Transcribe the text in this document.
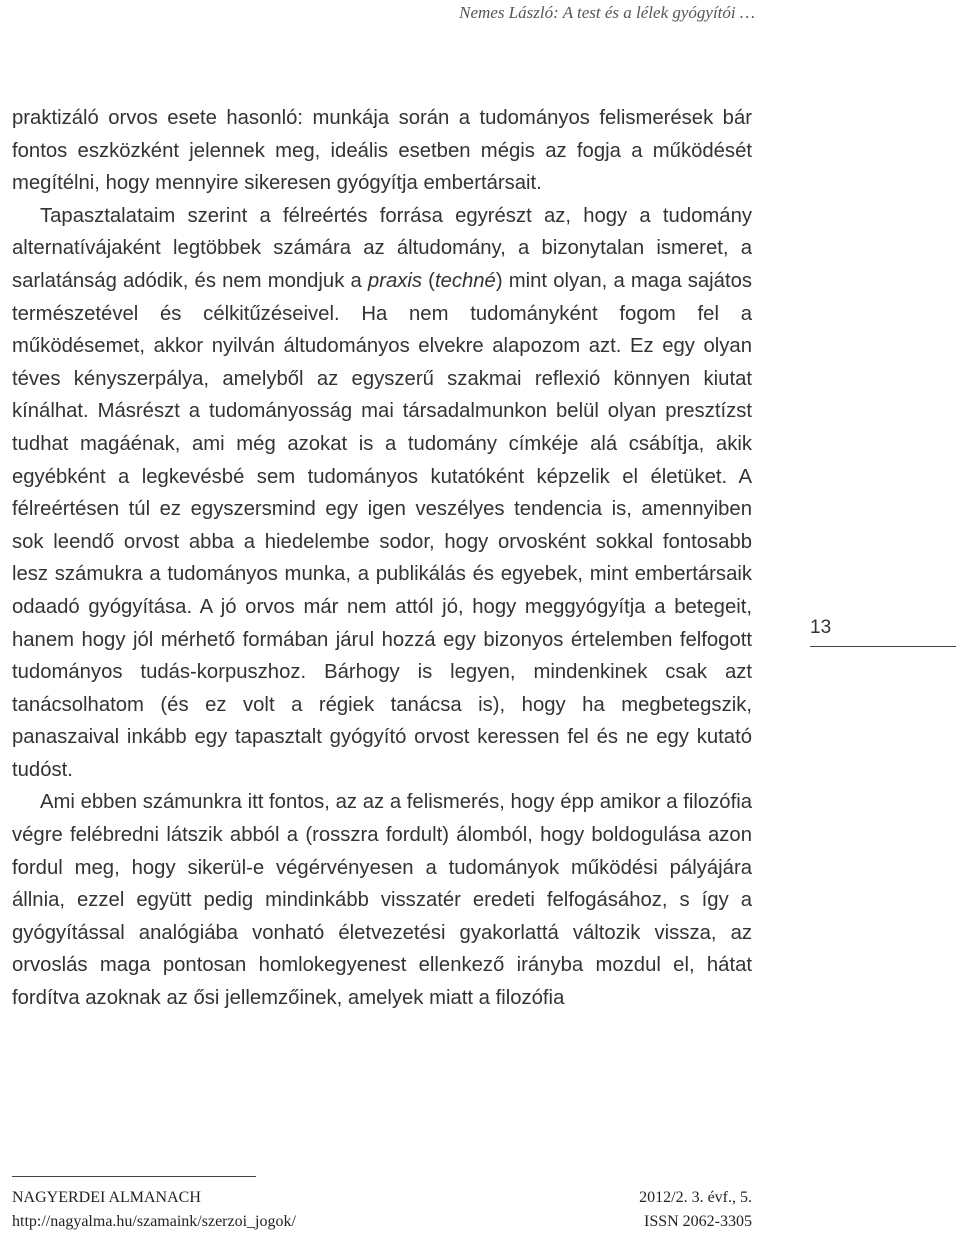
Nemes László: A test és a lélek gyógyítói …

praktizáló orvos esete hasonló: munkája során a tudományos felismerések bár fontos eszközként jelennek meg, ideális esetben mégis az fogja a működését megítélni, hogy mennyire sikeresen gyógyítja embertársait.

Tapasztalataim szerint a félreértés forrása egyrészt az, hogy a tudomány alternatívájaként legtöbbek számára az áltudomány, a bizonytalan ismeret, a sarlatánság adódik, és nem mondjuk a praxis (techné) mint olyan, a maga sajátos természetével és célkitűzéseivel. Ha nem tudományként fogom fel a működésemet, akkor nyilván áltudományos elvekre alapozom azt. Ez egy olyan téves kényszerpálya, amelyből az egyszerű szakmai reflexió könnyen kiutat kínálhat. Másrészt a tudományosság mai társadalmunkon belül olyan presztízst tudhat magáénak, ami még azokat is a tudomány címkéje alá csábítja, akik egyébként a legkevésbé sem tudományos kutatóként képzelik el életüket. A félreértésen túl ez egyszersmind egy igen veszélyes tendencia is, amennyiben sok leendő orvost abba a hiedelembe sodor, hogy orvosként sokkal fontosabb lesz számukra a tudományos munka, a publikálás és egyebek, mint embertársaik odaadó gyógyítása. A jó orvos már nem attól jó, hogy meggyógyítja a betegeit, hanem hogy jól mérhető formában járul hozzá egy bizonyos értelemben felfogott tudományos tudás-korpuszhoz. Bárhogy is legyen, mindenkinek csak azt tanácsolhatom (és ez volt a régiek tanácsa is), hogy ha megbetegszik, panaszaival inkább egy tapasztalt gyógyító orvost keressen fel és ne egy kutató tudóst.

Ami ebben számunkra itt fontos, az az a felismerés, hogy épp amikor a filozófia végre felébredni látszik abból a (rosszra fordult) álomból, hogy boldogulása azon fordul meg, hogy sikerül-e végérvényesen a tudományok működési pályájára állnia, ezzel együtt pedig mindinkább visszatér eredeti felfogásához, s így a gyógyítással analógiába vonható életvezetési gyakorlattá változik vissza, az orvoslás maga pontosan homlokegyenest ellenkező irányba mozdul el, hátat fordítva azoknak az ősi jellemzőinek, amelyek miatt a filozófia

13
NAGYERDEI ALMANACH	2012/2. 3. évf., 5.
http://nagyalma.hu/szamaink/szerzoi_jogok/	ISSN 2062-3305
